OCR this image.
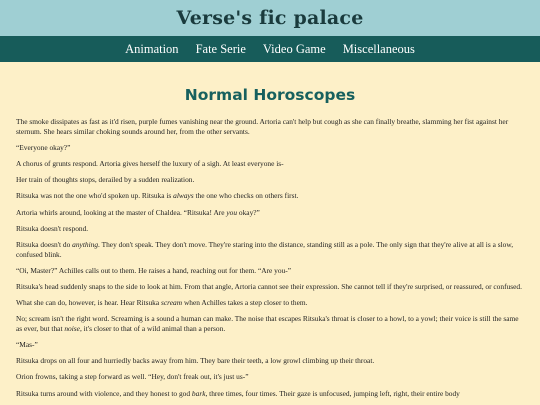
Verse's fic palace
Animation Fate Serie Video Game Miscellaneous
Normal Horoscopes

The smoke dissipates as fast as it'd risen, purple fumes vanishing near the ground. Artoria can't help but cough as she can finally breathe, slamming her fist against her sternum. She hears similar choking sounds around her, from the other servants.

“Everyone okay?”

A chorus of grunts respond. Artoria gives herself the luxury of a sigh. At least everyone is-

Her train of thoughts stops, derailed by a sudden realization.

Ritsuka was not the one who'd spoken up. Ritsuka is always the one who checks on others first.

Artoria whirls around, looking at the master of Chaldea. “Ritsuka! Are you okay?”

Ritsuka doesn't respond.

Ritsuka doesn't do anything. They don't speak. They don't move. They're staring into the distance, standing still as a pole. The only sign that they're alive at all is a slow, confused blink.

“Oi, Master?” Achilles calls out to them. He raises a hand, reaching out for them. “Are you-”

Ritsuka's head suddenly snaps to the side to look at him. From that angle, Artoria cannot see their expression. She cannot tell if they're surprised, or reassured, or confused.

What she can do, however, is hear. Hear Ritsuka scream when Achilles takes a step closer to them.

No; scream isn't the right word. Screaming is a sound a human can make. The noise that escapes Ritsuka's throat is closer to a howl, to a yowl; their voice is still the same as ever, but that noise, it's closer to that of a wild animal than a person.

“Mas-”

Ritsuka drops on all four and hurriedly backs away from him. They bare their teeth, a low growl climbing up their throat.

Orion frowns, taking a step forward as well. “Hey, don't freak out, it's just us-”

Ritsuka turns around with violence, and they honest to god bark, three times, four times. Their gaze is unfocused, jumping left, right, their entire body
